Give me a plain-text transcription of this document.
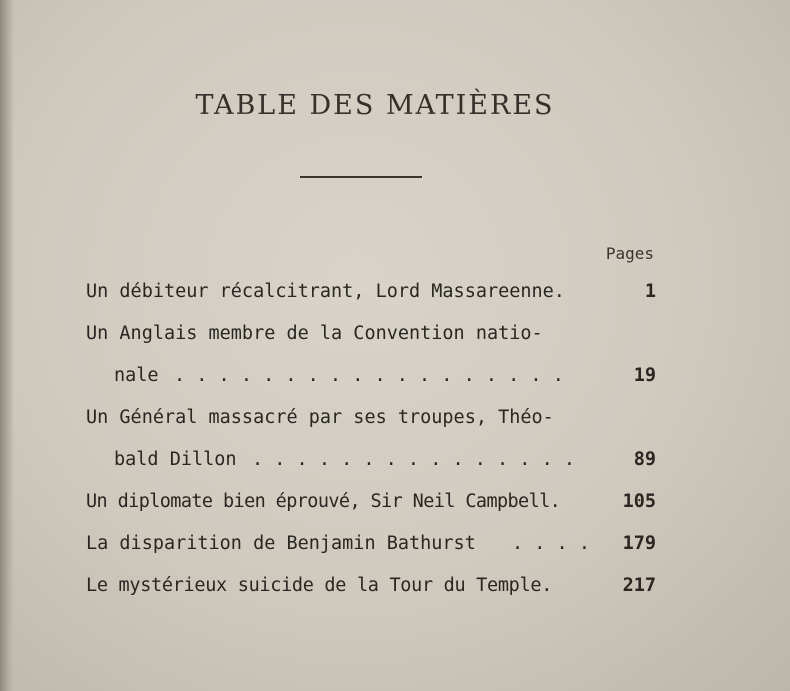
TABLE DES MATIÈRES
Pages
Un débiteur récalcitrant, Lord Massareenne.	1
Un Anglais membre de la Convention natio-
nale . . . . . . . . . . . . . . . . . .	19
Un Général massacré par ses troupes, Théo-
bald Dillon . . . . . . . . . . . . . . .	89
Un diplomate bien éprouvé, Sir Neil Campbell.	105
La disparition de Benjamin Bathurst . . . . 179
Le mystérieux suicide de la Tour du Temple.	217
